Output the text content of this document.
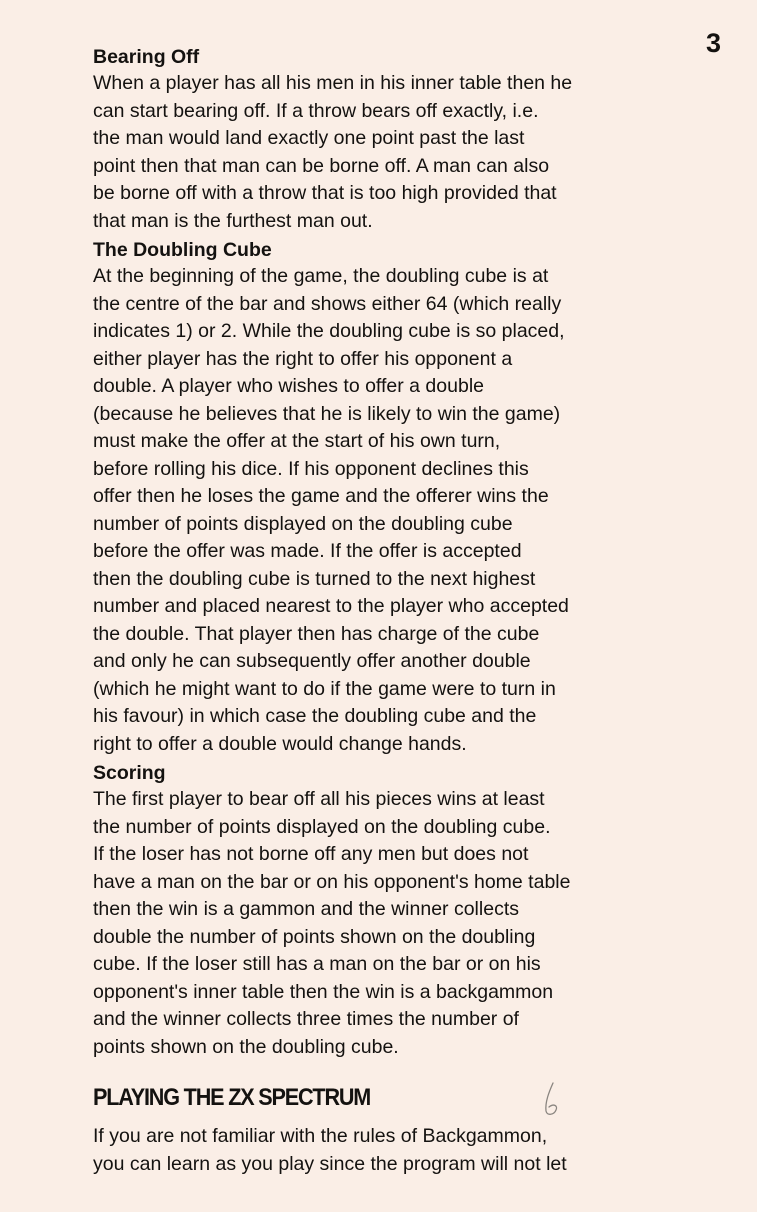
3

Bearing Off

When a player has all his men in his inner table then he

can start bearing off. If a throw bears off exactly, i.e.

the man would land exactly one point past the last

point then that man can be borne off. A man can also

be borne off with a throw that is too high provided that

that man is the furthest man out.

The Doubling Cube

At the beginning of the game, the doubling cube is at

the centre of the bar and shows either 64 (which really

indicates 1) or 2. While the doubling cube is so placed,

either player has the right to offer his opponent a

double. A player who wishes to offer a double

(because he believes that he is likely to win the game)

must make the offer at the start of his own turn,

before rolling his dice. If his opponent declines this

offer then he loses the game and the offerer wins the

number of points displayed on the doubling cube

before the offer was made. If the offer is accepted

then the doubling cube is turned to the next highest

number and placed nearest to the player who accepted

the double. That player then has charge of the cube

and only he can subsequently offer another double

(which he might want to do if the game were to turn in

his favour) in which case the doubling cube and the

right to offer a double would change hands.

Scoring

The first player to bear off all his pieces wins at least

the number of points displayed on the doubling cube.

If the loser has not borne off any men but does not

have a man on the bar or on his opponent's home table

then the win is a gammon and the winner collects

double the number of points shown on the doubling

cube. If the loser still has a man on the bar or on his

opponent's inner table then the win is a backgammon

and the winner collects three times the number of

points shown on the doubling cube.

PLAYING THE ZX SPECTRUM

If you are not familiar with the rules of Backgammon,

you can learn as you play since the program will not let
